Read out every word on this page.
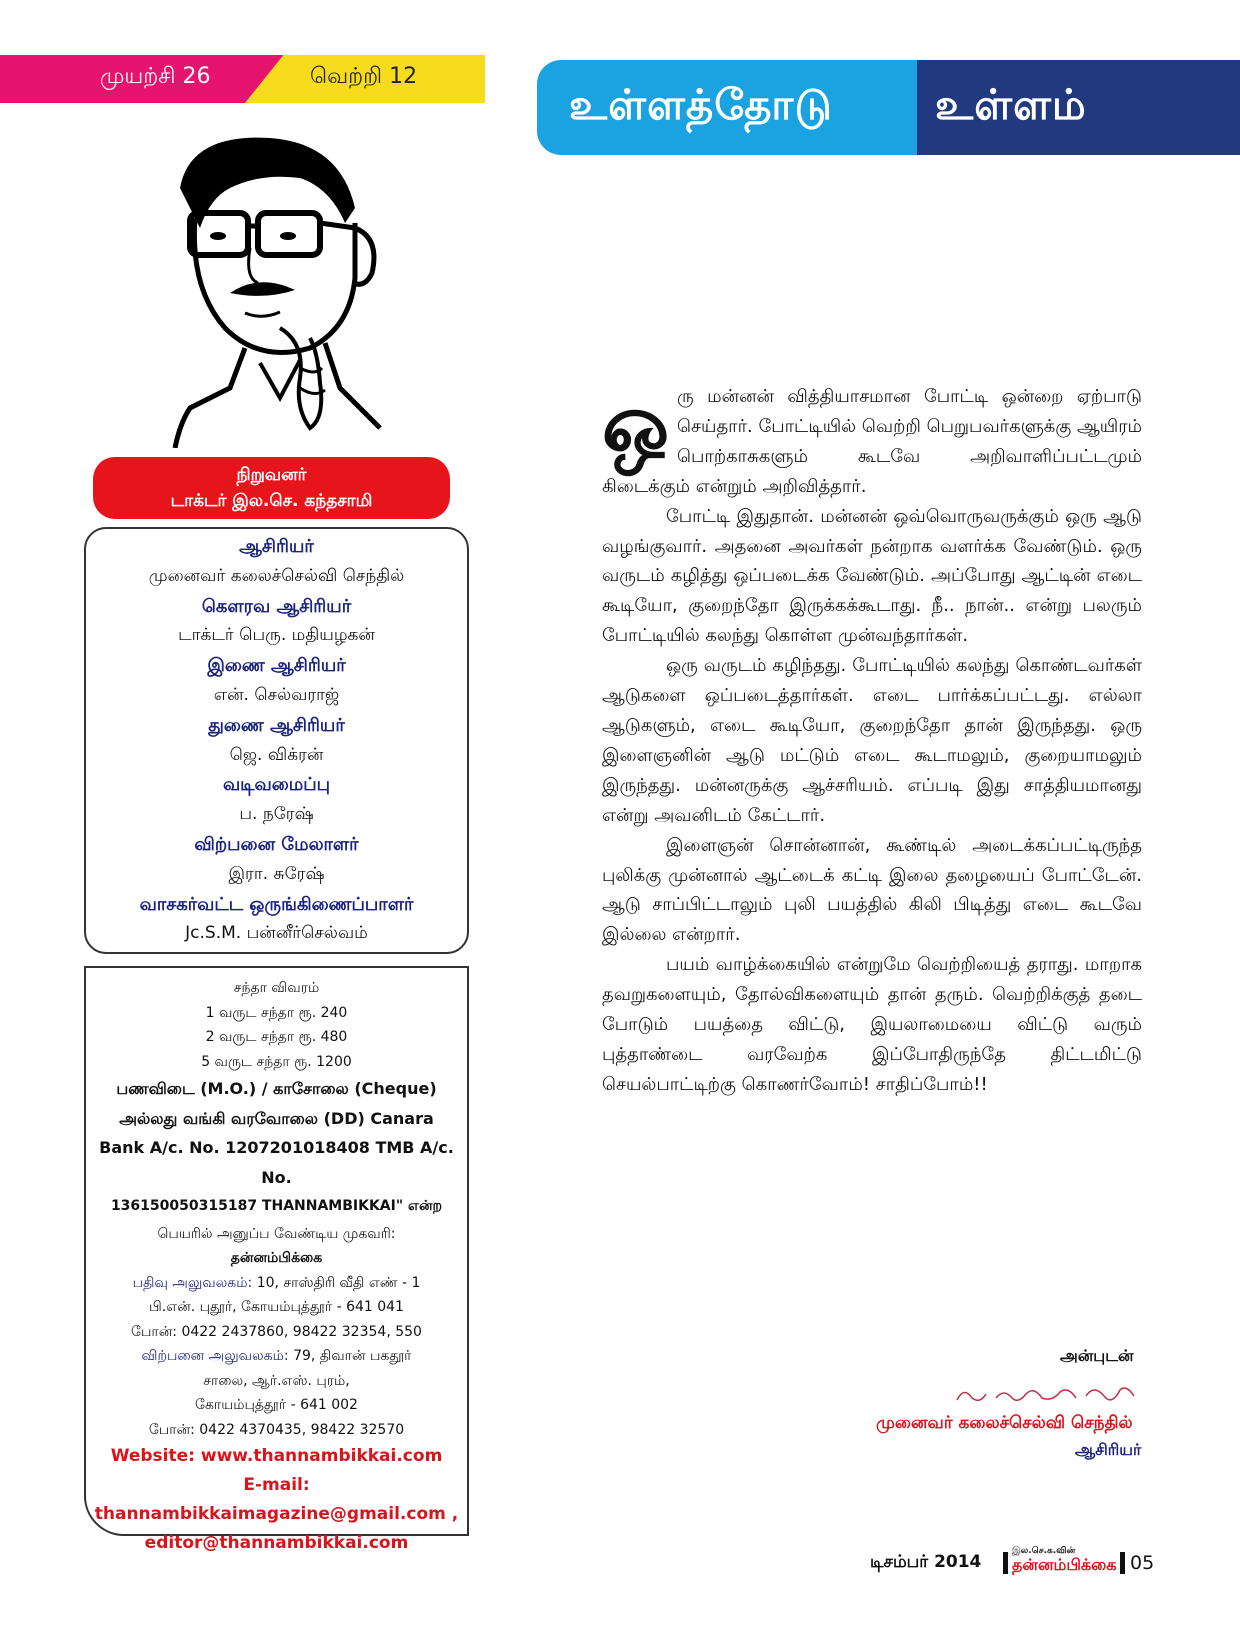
முயற்சி 26	வெற்றி 12
உள்ளத்தோடு உள்ளம்
நிறுவனர்
டாக்டர் இல.செ. கந்தசாமி
ஆசிரியர்
முனைவர் கலைச்செல்வி செந்தில்
கௌரவ ஆசிரியர்
டாக்டர் பெரு. மதியழகன்
இணை ஆசிரியர்
என். செல்வராஜ்
துணை ஆசிரியர்
ஜெ. விக்ரன்
வடிவமைப்பு
ப. நரேஷ்
விற்பனை மேலாளர்
இரா. சுரேஷ்
வாசகர்வட்ட ஒருங்கிணைப்பாளர்
Jc.S.M. பன்னீர்செல்வம்
சந்தா விவரம்
1 வருட சந்தா ரூ. 240
2 வருட சந்தா ரூ. 480
5 வருட சந்தா ரூ. 1200
பணவிடை (M.O.) / காசோலை (Cheque)
அல்லது வங்கி வரவோலை (DD) Canara
Bank A/c. No. 1207201018408 TMB A/c. No.
136150050315187 THANNAMBIKKAI" என்ற
பெயரில் அனுப்ப வேண்டிய முகவரி:
தன்னம்பிக்கை
பதிவு அலுவலகம்: 10, சாஸ்திரி வீதி எண் - 1
பி.என். புதூர், கோயம்புத்தூர் - 641 041
போன்: 0422 2437860, 98422 32354, 550
விற்பனை அலுவலகம்: 79, திவான் பகதூர்
சாலை, ஆர்.எஸ். புரம்,
கோயம்புத்தூர் - 641 002
போன்: 0422 4370435, 98422 32570
Website: www.thannambikkai.com
E-mail:
thannambikkaimagazine@gmail.com ,
editor@thannambikkai.com

ஒரு மன்னன் வித்தியாசமான போட்டி ஒன்றை ஏற்பாடு செய்தார். போட்டியில் வெற்றி பெறுபவர்களுக்கு ஆயிரம் பொற்காசுகளும் கூடவே அறிவாளிப்பட்டமும் கிடைக்கும் என்றும் அறிவித்தார்.

போட்டி இதுதான். மன்னன் ஒவ்வொருவருக்கும் ஒரு ஆடு வழங்குவார். அதனை அவர்கள் நன்றாக வளர்க்க வேண்டும். ஒரு வருடம் கழித்து ஒப்படைக்க வேண்டும். அப்போது ஆட்டின் எடை கூடியோ, குறைந்தோ இருக்கக்கூடாது. நீ.. நான்.. என்று பலரும் போட்டியில் கலந்து கொள்ள முன்வந்தார்கள்.

ஒரு வருடம் கழிந்தது. போட்டியில் கலந்து கொண்டவர்கள் ஆடுகளை ஒப்படைத்தார்கள். எடை பார்க்கப்பட்டது. எல்லா ஆடுகளும், எடை கூடியோ, குறைந்தோ தான் இருந்தது. ஒரு இளைஞனின் ஆடு மட்டும் எடை கூடாமலும், குறையாமலும் இருந்தது. மன்னருக்கு ஆச்சரியம். எப்படி இது சாத்தியமானது என்று அவனிடம் கேட்டார்.

இளைஞன் சொன்னான், கூண்டில் அடைக்கப்பட்டிருந்த புலிக்கு முன்னால் ஆட்டைக் கட்டி இலை தழையைப் போட்டேன். ஆடு சாப்பிட்டாலும் புலி பயத்தில் கிலி பிடித்து எடை கூடவே இல்லை என்றார்.

பயம் வாழ்க்கையில் என்றுமே வெற்றியைத் தராது. மாறாக தவறுகளையும், தோல்விகளையும் தான் தரும். வெற்றிக்குத் தடை போடும் பயத்தை விட்டு, இயலாமையை விட்டு வரும் புத்தாண்டை வரவேற்க இப்போதிருந்தே திட்டமிட்டு செயல்பாட்டிற்கு கொணர்வோம்! சாதிப்போம்!!

அன்புடன்
முனைவர் கலைச்செல்வி செந்தில்
ஆசிரியர்
டிசம்பர் 2014
இல.செ.க.வின்
தன்னம்பிக்கை 05
